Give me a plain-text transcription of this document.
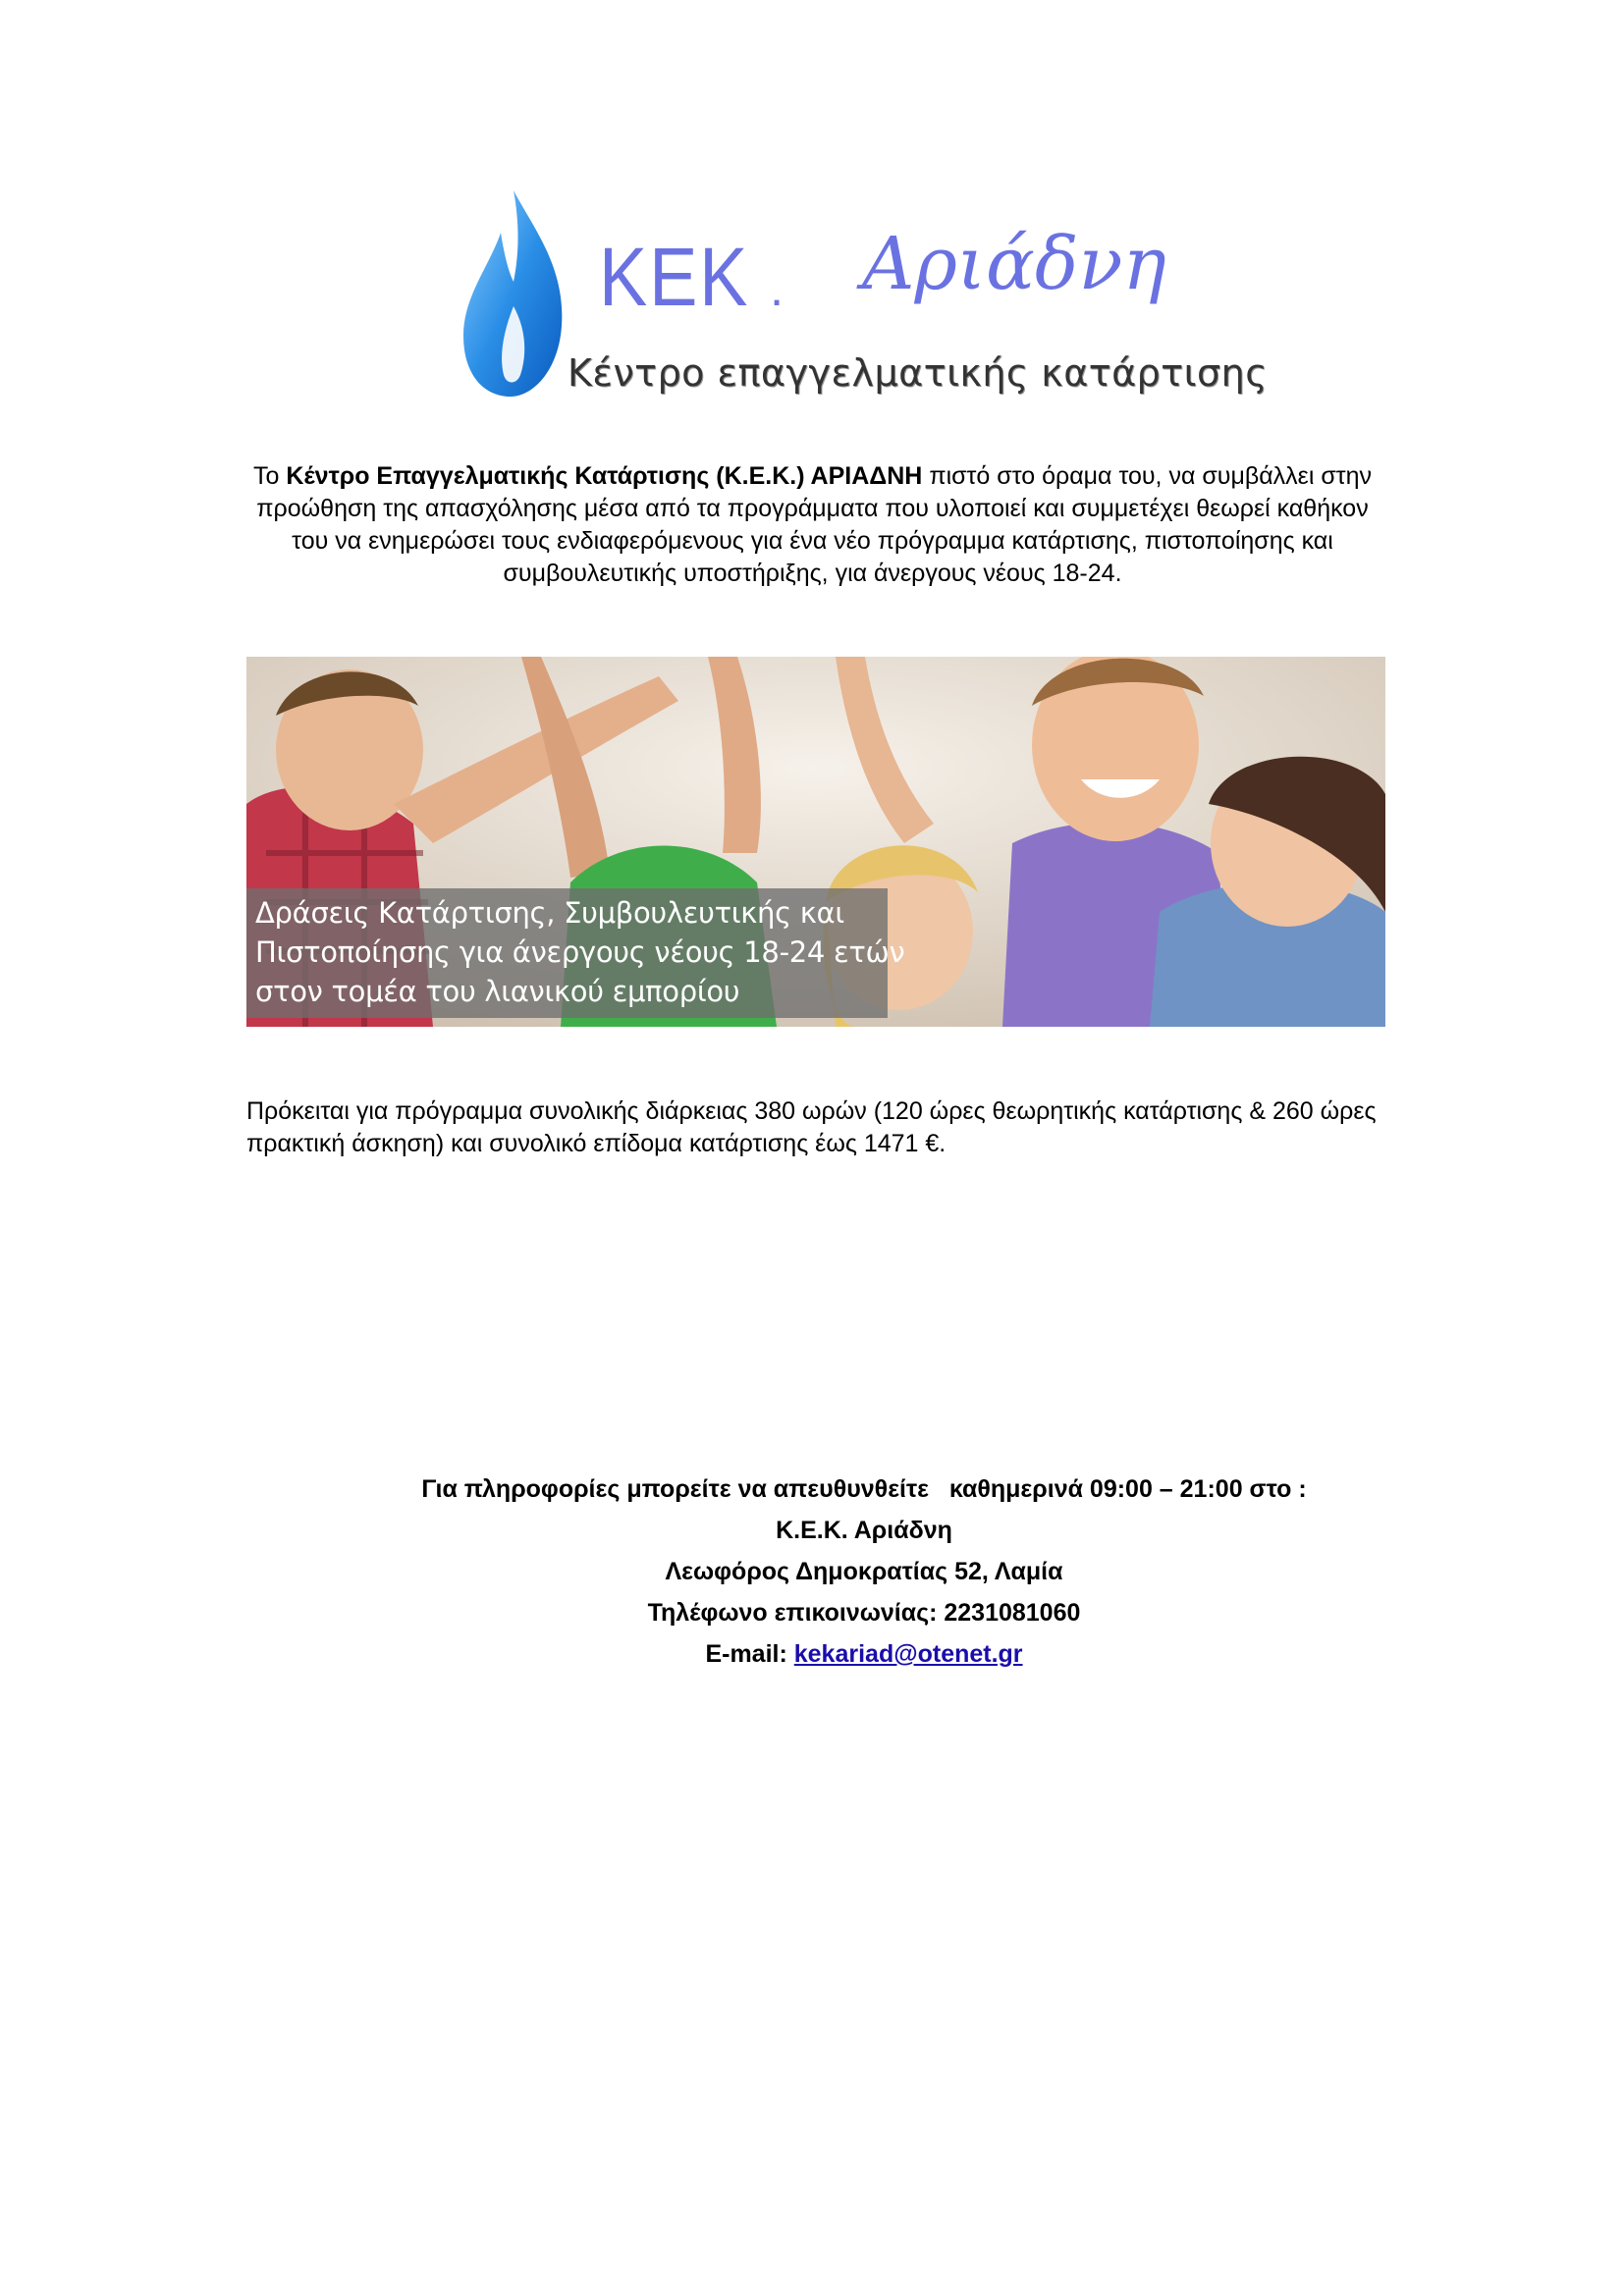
KEK . Αριάδνη
Κέντρο επαγγελματικής κατάρτισης

Το Κέντρο Επαγγελματικής Κατάρτισης (Κ.Ε.Κ.) ΑΡΙΑΔΝΗ πιστό στο όραμα του, να συμβάλλει στην προώθηση της απασχόλησης μέσα από τα προγράμματα που υλοποιεί και συμμετέχει θεωρεί καθήκον του να ενημερώσει τους ενδιαφερόμενους για ένα νέο πρόγραμμα κατάρτισης, πιστοποίησης και συμβουλευτικής υποστήριξης, για άνεργους νέους 18-24.

Δράσεις Κατάρτισης, Συμβουλευτικής και
Πιστοποίησης για άνεργους νέους 18-24 ετών
στον τομέα του λιανικού εμπορίου

Πρόκειται για πρόγραμμα συνολικής διάρκειας 380 ωρών (120 ώρες θεωρητικής κατάρτισης & 260 ώρες πρακτική άσκηση) και συνολικό επίδομα κατάρτισης έως 1471 €.

Για πληροφορίες μπορείτε να απευθυνθείτε   καθημερινά 09:00 – 21:00 στο :
Κ.Ε.Κ. Αριάδνη
Λεωφόρος Δημοκρατίας 52, Λαμία
Τηλέφωνο επικοινωνίας: 2231081060
E-mail: kekariad@otenet.gr
